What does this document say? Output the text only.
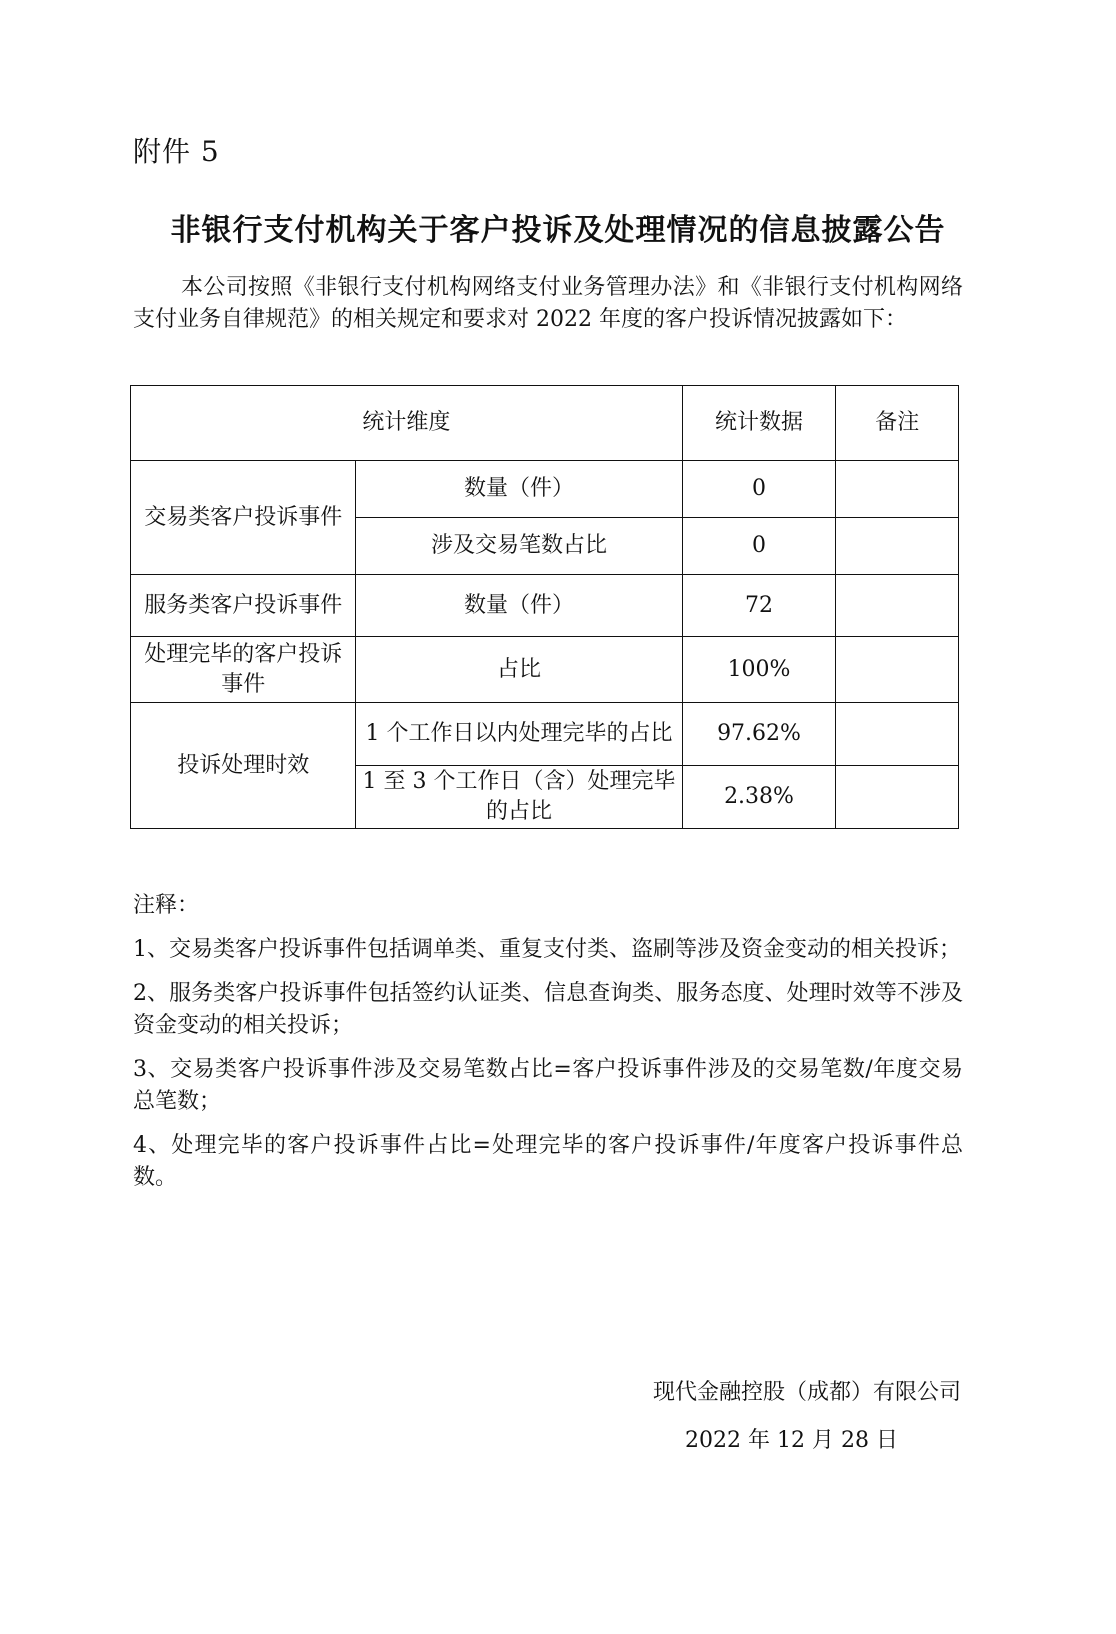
附件 5
非银行支付机构关于客户投诉及处理情况的信息披露公告
本公司按照《非银行支付机构网络支付业务管理办法》和《非银行支付机构网络支付业务自律规范》的相关规定和要求对 2022 年度的客户投诉情况披露如下：
统计维度		统计数据	备注
交易类客户投诉事件	数量（件）	0	
	涉及交易笔数占比	0	
服务类客户投诉事件	数量（件）	72	
处理完毕的客户投诉事件	占比	100%	
投诉处理时效	1 个工作日以内处理完毕的占比	97.62%	
	1 至 3 个工作日（含）处理完毕的占比	2.38%	
注释：
1、交易类客户投诉事件包括调单类、重复支付类、盗刷等涉及资金变动的相关投诉；
2、服务类客户投诉事件包括签约认证类、信息查询类、服务态度、处理时效等不涉及资金变动的相关投诉；
3、交易类客户投诉事件涉及交易笔数占比=客户投诉事件涉及的交易笔数/年度交易总笔数；
4、处理完毕的客户投诉事件占比=处理完毕的客户投诉事件/年度客户投诉事件总数。
现代金融控股（成都）有限公司
2022 年 12 月 28 日
